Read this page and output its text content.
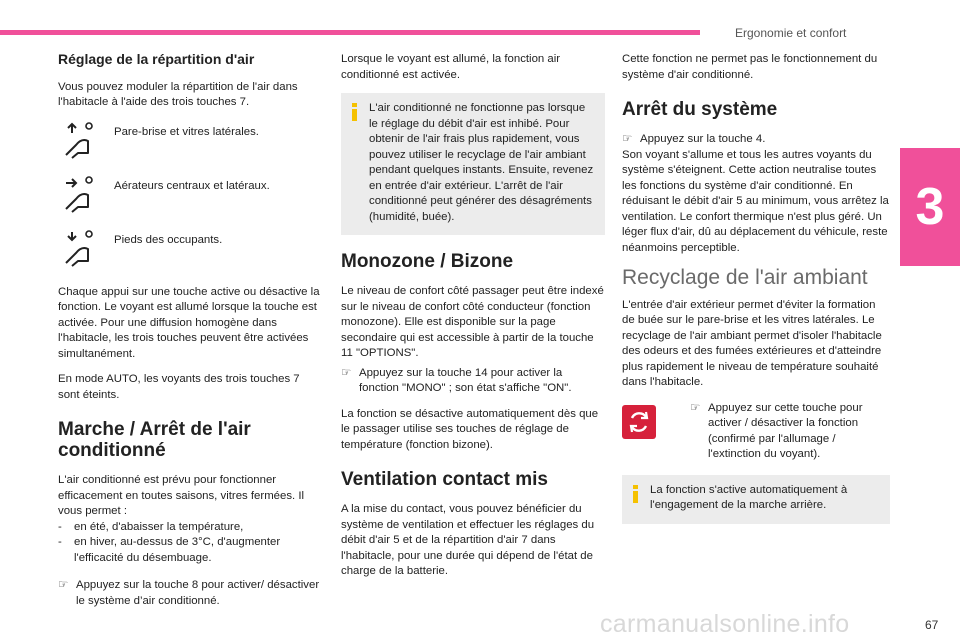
Ergonomie et confort
3
Réglage de la répartition d'air

Vous pouvez moduler la répartition de l'air dans l'habitacle à l'aide des trois touches 7.

Pare-brise et vitres latérales.
Aérateurs centraux et latéraux.
Pieds des occupants.

Chaque appui sur une touche active ou désactive la fonction. Le voyant est allumé lorsque la touche est activée. Pour une diffusion homogène dans l'habitacle, les trois touches peuvent être activées simultanément.

En mode AUTO, les voyants des trois touches 7 sont éteints.

Marche / Arrêt de l'air conditionné

L'air conditionné est prévu pour fonctionner efficacement en toutes saisons, vitres fermées. Il vous permet :

-	en été, d'abaisser la température,
-	en hiver, au-dessus de 3°C, d'augmenter l'efficacité du désembuage.
☞ Appuyez sur la touche 8 pour activer/ désactiver le système d’air conditionné.

Lorsque le voyant est allumé, la fonction air conditionné est activée.

L'air conditionné ne fonctionne pas lorsque le réglage du débit d'air est inhibé. Pour obtenir de l'air frais plus rapidement, vous pouvez utiliser le recyclage de l'air ambiant pendant quelques instants. Ensuite, revenez en entrée d'air extérieur. L'arrêt de l'air conditionné peut générer des désagréments (humidité, buée).
Monozone / Bizone

Le niveau de confort côté passager peut être indexé sur le niveau de confort côté conducteur (fonction monozone). Elle est disponible sur la page secondaire qui est accessible à partir de la touche 11 "OPTIONS".

☞ Appuyez sur la touche 14 pour activer la fonction "MONO" ; son état s'affiche "ON".

La fonction se désactive automatiquement dès que le passager utilise ses touches de réglage de température (fonction bizone).

Ventilation contact mis

A la mise du contact, vous pouvez bénéficier du système de ventilation et effectuer les réglages du débit d'air 5 et de la répartition d'air 7 dans l'habitacle, pour une durée qui dépend de l'état de charge de la batterie.

Cette fonction ne permet pas le fonctionnement du système d'air conditionné.

Arrêt du système
☞ Appuyez sur la touche 4.

Son voyant s'allume et tous les autres voyants du système s'éteignent. Cette action neutralise toutes les fonctions du système d'air conditionné. En réduisant le débit d'air 5 au minimum, vous arrêtez la ventilation. Le confort thermique n'est plus géré. Un léger flux d'air, dû au déplacement du véhicule, reste néanmoins perceptible.

Recyclage de l'air ambiant

L'entrée d'air extérieur permet d'éviter la formation de buée sur le pare-brise et les vitres latérales. Le recyclage de l'air ambiant permet d'isoler l'habitacle des odeurs et des fumées extérieures et d'atteindre plus rapidement le niveau de température souhaité dans l'habitacle.

☞ Appuyez sur cette touche pour activer / désactiver la fonction (confirmé par l'allumage / l'extinction du voyant).
La fonction s'active automatiquement à l'engagement de la marche arrière.
carmanualsonline.info	67
